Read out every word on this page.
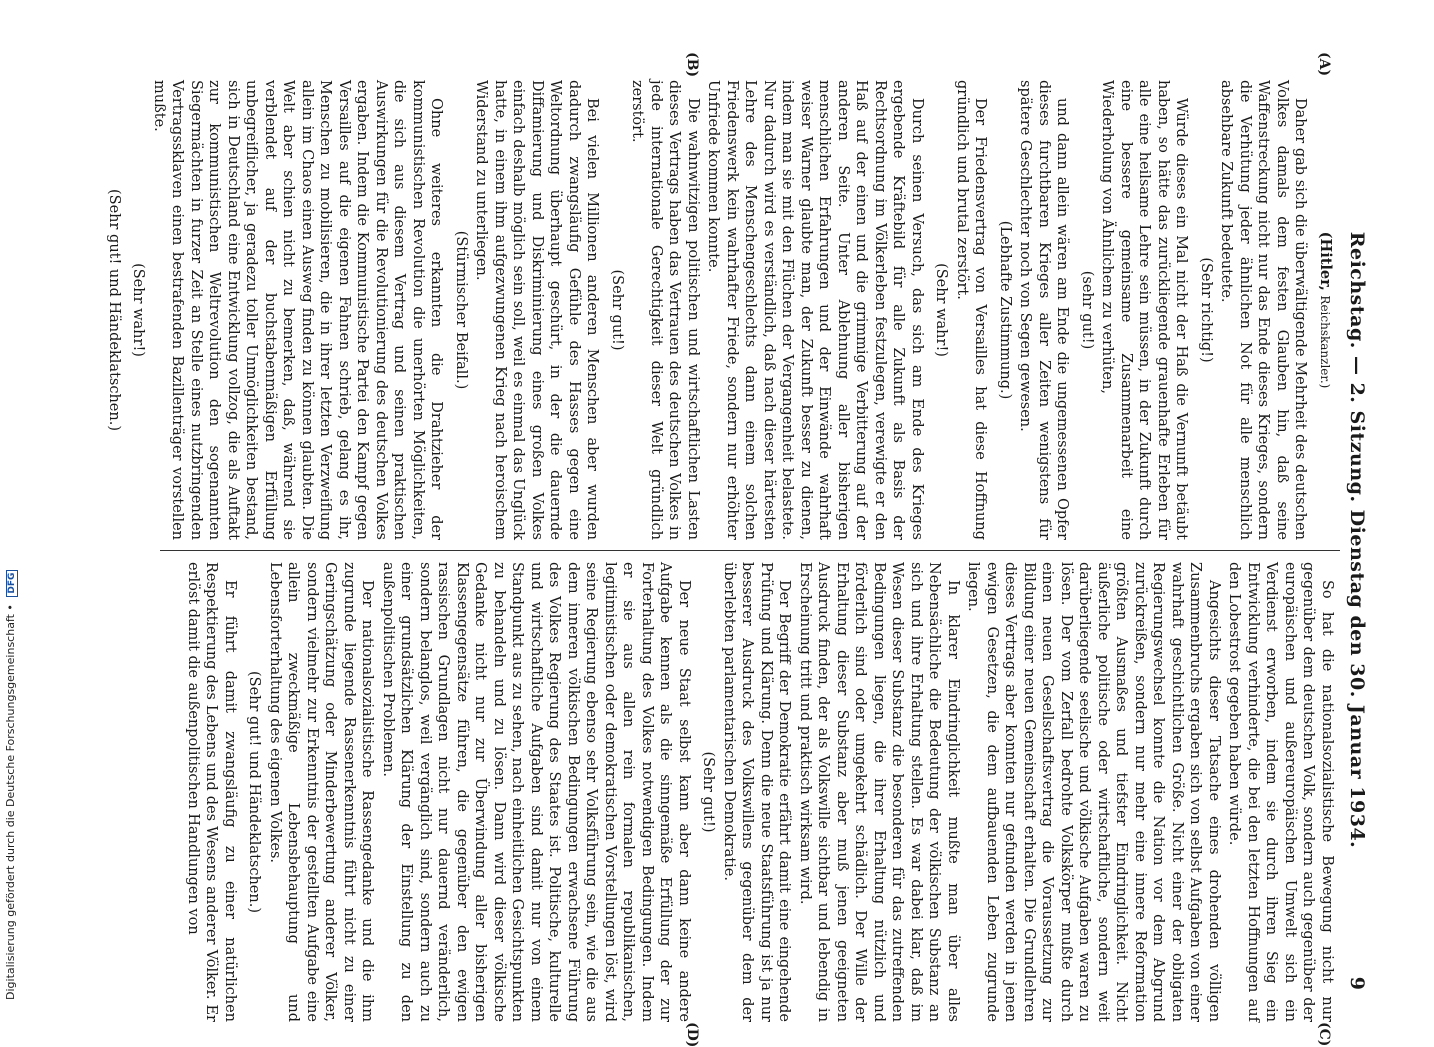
Reichstag. — 2. Sitzung. Dienstag den 30. Januar 1934.
9
(A)
(B)
(C)
(D)

(Hitler, Reichskanzler.)

Daher gab sich die überwältigende Mehrheit des deutschen Volkes damals dem festen Glauben hin, daß seine Waffenstreckung nicht nur das Ende dieses Krieges, sondern die Verhütung jeder ähnlichen Not für alle menschlich absehbare Zukunft bedeutete.

(Sehr richtig!)

Würde dieses ein Mal nicht der Haß die Vernunft betäubt haben, so hätte das zurückliegende grauenhafte Erleben für alle eine heilsame Lehre sein müssen, in der Zukunft durch eine bessere gemeinsame Zusammenarbeit eine Wiederholung von Ähnlichem zu verhüten,

(sehr gut!)

und dann allein wären am Ende die ungemessenen Opfer dieses furchtbaren Krieges aller Zeiten wenigstens für spätere Geschlechter noch von Segen gewesen.

(Lebhafte Zustimmung.)

Der Friedensvertrag von Versailles hat diese Hoffnung gründlich und brutal zerstört.

(Sehr wahr!)

Durch seinen Versuch, das sich am Ende des Krieges ergebende Kräftebild für alle Zukunft als Basis der Rechtsordnung im Völkerleben festzulegen, verewigte er den Haß auf der einen und die grimmige Verbitterung auf der anderen Seite. Unter Ablehnung aller bisherigen menschlichen Erfahrungen und der Einwände wahrhaft weiser Warner glaubte man, der Zukunft besser zu dienen, indem man sie mit den Flüchen der Vergangenheit belastete. Nur dadurch wird es verständlich, daß nach dieser härtesten Lehre des Menschengeschlechts dann einem solchen Friedenswerk kein wahrhafter Friede, sondern nur erhöhter Unfriede kommen konnte.

Die wahnwitzigen politischen und wirtschaftlichen Lasten dieses Vertrags haben das Vertrauen des deutschen Volkes in jede internationale Gerechtigkeit dieser Welt gründlich zerstört.

(Sehr gut!)

Bei vielen Millionen anderen Menschen aber wurden dadurch zwangsläufig Gefühle des Hasses gegen eine Weltordnung überhaupt geschürt, in der die dauernde Diffamierung und Diskriminierung eines großen Volkes einfach deshalb möglich sein soll, weil es einmal das Unglück hatte, in einem ihm aufgezwungenen Krieg nach heroischem Widerstand zu unterliegen.

(Stürmischer Beifall.)

Ohne weiteres erkannten die Drahtzieher der kommunistischen Revolution die unerhörten Möglichkeiten, die sich aus diesem Vertrag und seinen praktischen Auswirkungen für die Revolutionierung des deutschen Volkes ergaben. Indem die Kommunistische Partei den Kampf gegen Versailles auf die eigenen Fahnen schrieb, gelang es ihr, Menschen zu mobilisieren, die in ihrer letzten Verzweiflung allein im Chaos einen Ausweg finden zu können glaubten. Die Welt aber schien nicht zu bemerken, daß, während sie verblendet auf der buchstabenmäßigen Erfüllung unbegreiflicher, ja geradezu toller Unmöglichkeiten bestand, sich in Deutschland eine Entwicklung vollzog, die als Auftakt zur kommunistischen Weltrevolution den sogenannten Siegermächten in furzer Zeit an Stelle eines nutzbringenden Vertragssklaven einen bestrafenden Bazillenträger vorstellen mußte.

(Sehr wahr!)

(Sehr gut! und Händeklatschen.)

So hat die nationalsozialistische Bewegung nicht nur gegenüber dem deutschen Volk, sondern auch gegenüber der europäischen und außereuropäischen Umwelt sich ein Verdienst erworben, indem sie durch ihren Sieg ein Entwicklung verhinderte, die bei den letzten Hoffnungen auf den Lobestrost gegeben haben würde.

Angesichts dieser Tatsache eines drohenden völligen Zusammenbruchs ergaben sich von selbst Aufgaben von einer wahrhaft geschichtlichen Größe. Nicht einer der obligaten Regierungswechsel konnte die Nation vor dem Abgrund zurückreißen, sondern nur mehr eine innere Reformation größten Ausmaßes und tiefster Eindringlichkeit. Nicht äußerliche politische oder wirtschaftliche, sondern weit darüberliegende seelische und völkische Aufgaben waren zu lösen. Der vom Zerfall bedrohte Volkskörper mußte durch einen neuen Gesellschaftsvertrag die Voraussetzung zur Bildung einer neuen Gemeinschaft erhalten. Die Grundlehren dieses Vertrags aber konnten nur gefunden werden in jenen ewigen Gesetzen, die dem aufbauenden Leben zugrunde liegen.

In klarer Eindringlichkeit mußte man über alles Nebensächliche die Bedeutung der völkischen Substanz an sich und ihre Erhaltung stellen. Es war dabei klar, daß im Wesen dieser Substanz die besonderen für das zutreffenden Bedingungen liegen, die ihrer Erhaltung nützlich und förderlich sind oder umgekehrt schädlich. Der Wille der Erhaltung dieser Substanz aber muß jenen geeigneten Ausdruck finden, der als Volkswille sichtbar und lebendig in Erscheinung tritt und praktisch wirksam wird.

Der Begriff der Demokratie erfährt damit eine eingehende Prüfung und Klärung. Denn die neue Staatsführung ist ja nur besserer Ausdruck des Volkswillens gegenüber dem der überlebten parlamentarischen Demokratie.

(Sehr gut!)

Der neue Staat selbst kann aber dann keine andere Aufgabe kennen als die sinngemäße Erfüllung der zur Forterhaltung des Volkes notwendigen Bedingungen. Indem er sie aus allen rein formalen republikanischen, legitimistischen oder demokratischen Vorstellungen löst, wird seine Regierung ebenso sehr Volksführung sein, wie die aus dem inneren völkischen Bedingungen erwachsene Führung des Volkes Regierung des Staates ist. Politische, kulturelle und wirtschaftliche Aufgaben sind damit nur von einem Standpunkt aus zu sehen, nach einheitlichen Gesichtspunkten zu behandeln und zu lösen. Dann wird dieser völkische Gedanke nicht nur zur Überwindung aller bisherigen Klassengegensätze führen, die gegenüber den ewigen rassischen Grundlagen nicht nur dauernd veränderlich, sondern belanglos, weil vergänglich sind, sondern auch zu einer grundsätzlichen Klärung der Einstellung zu den außenpolitischen Problemen.

Der nationalsozialistische Rassengedanke und die ihm zugrunde liegende Rassenerkenntnis führt nicht zu einer Geringschätzung oder Minderbewertung anderer Völker, sondern vielmehr zur Erkenntnis der gestellten Aufgabe eine allein zweckmäßige Lebensbehauptung und Lebensforterhaltung des eigenen Volkes.

(Sehr gut! und Händeklatschen.)

Er führt damit zwangsläufig zu einer natürlichen Respektierung des Lebens und des Wesens anderer Völker. Er erlöst damit die außenpolitischen Handlungen von

Digitalisierung gefördert durch die Deutsche Forschungsgemeinschaft • DFG
